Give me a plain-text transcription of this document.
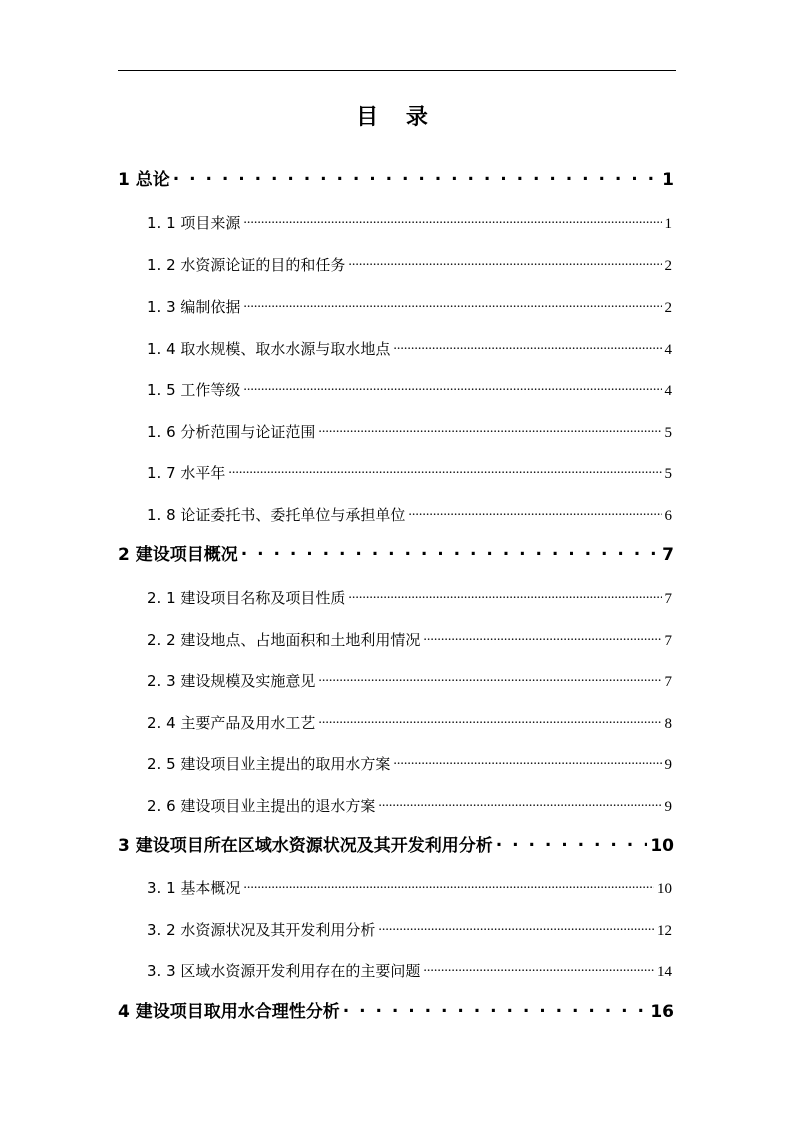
目 录
1 总论 . . .	1
1. 1 项目来源 .....	1
1. 2 水资源论证的目的和任务 .....	2
1. 3 编制依据 .....	2
1. 4 取水规模、取水水源与取水地点 .....	4
1. 5 工作等级 .....	4
1. 6 分析范围与论证范围 .....	5
1. 7 水平年 .....	5
1. 8 论证委托书、委托单位与承担单位 .....	6
2 建设项目概况 . . .	7
2. 1 建设项目名称及项目性质 .....	7
2. 2 建设地点、占地面积和土地利用情况 .....	7
2. 3 建设规模及实施意见 .....	7
2. 4 主要产品及用水工艺 .....	8
2. 5 建设项目业主提出的取用水方案 .....	9
2. 6 建设项目业主提出的退水方案 .....	9
3 建设项目所在区域水资源状况及其开发利用分析 . . .	10
3. 1 基本概况 .....	10
3. 2 水资源状况及其开发利用分析 .....	12
3. 3 区域水资源开发利用存在的主要问题 .....	14
4 建设项目取用水合理性分析 . . .	16
